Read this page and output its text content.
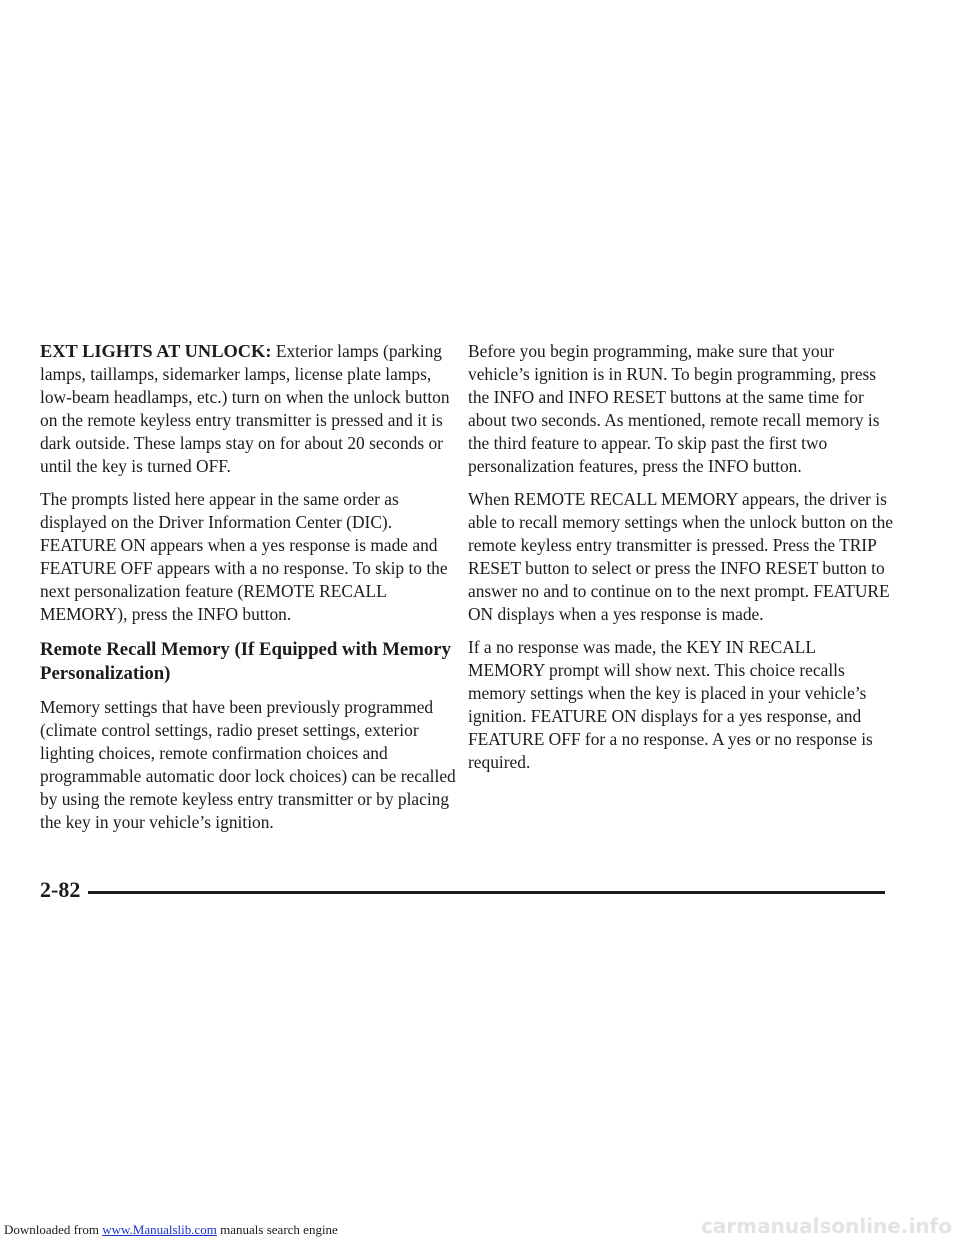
EXT LIGHTS AT UNLOCK: Exterior lamps (parking lamps, taillamps, sidemarker lamps, license plate lamps, low-beam headlamps, etc.) turn on when the unlock button on the remote keyless entry transmitter is pressed and it is dark outside. These lamps stay on for about 20 seconds or until the key is turned OFF.

The prompts listed here appear in the same order as displayed on the Driver Information Center (DIC). FEATURE ON appears when a yes response is made and FEATURE OFF appears with a no response. To skip to the next personalization feature (REMOTE RECALL MEMORY), press the INFO button.

Remote Recall Memory (If Equipped with Memory Personalization)

Memory settings that have been previously programmed (climate control settings, radio preset settings, exterior lighting choices, remote confirmation choices and programmable automatic door lock choices) can be recalled by using the remote keyless entry transmitter or by placing the key in your vehicle’s ignition.

Before you begin programming, make sure that your vehicle’s ignition is in RUN. To begin programming, press the INFO and INFO RESET buttons at the same time for about two seconds. As mentioned, remote recall memory is the third feature to appear. To skip past the first two personalization features, press the INFO button.

When REMOTE RECALL MEMORY appears, the driver is able to recall memory settings when the unlock button on the remote keyless entry transmitter is pressed. Press the TRIP RESET button to select or press the INFO RESET button to answer no and to continue on to the next prompt. FEATURE ON displays when a yes response is made.

If a no response was made, the KEY IN RECALL MEMORY prompt will show next. This choice recalls memory settings when the key is placed in your vehicle’s ignition. FEATURE ON displays for a yes response, and FEATURE OFF for a no response. A yes or no response is required.

2-82
Downloaded from www.Manualslib.com manuals search engine	carmanualsonline.info
